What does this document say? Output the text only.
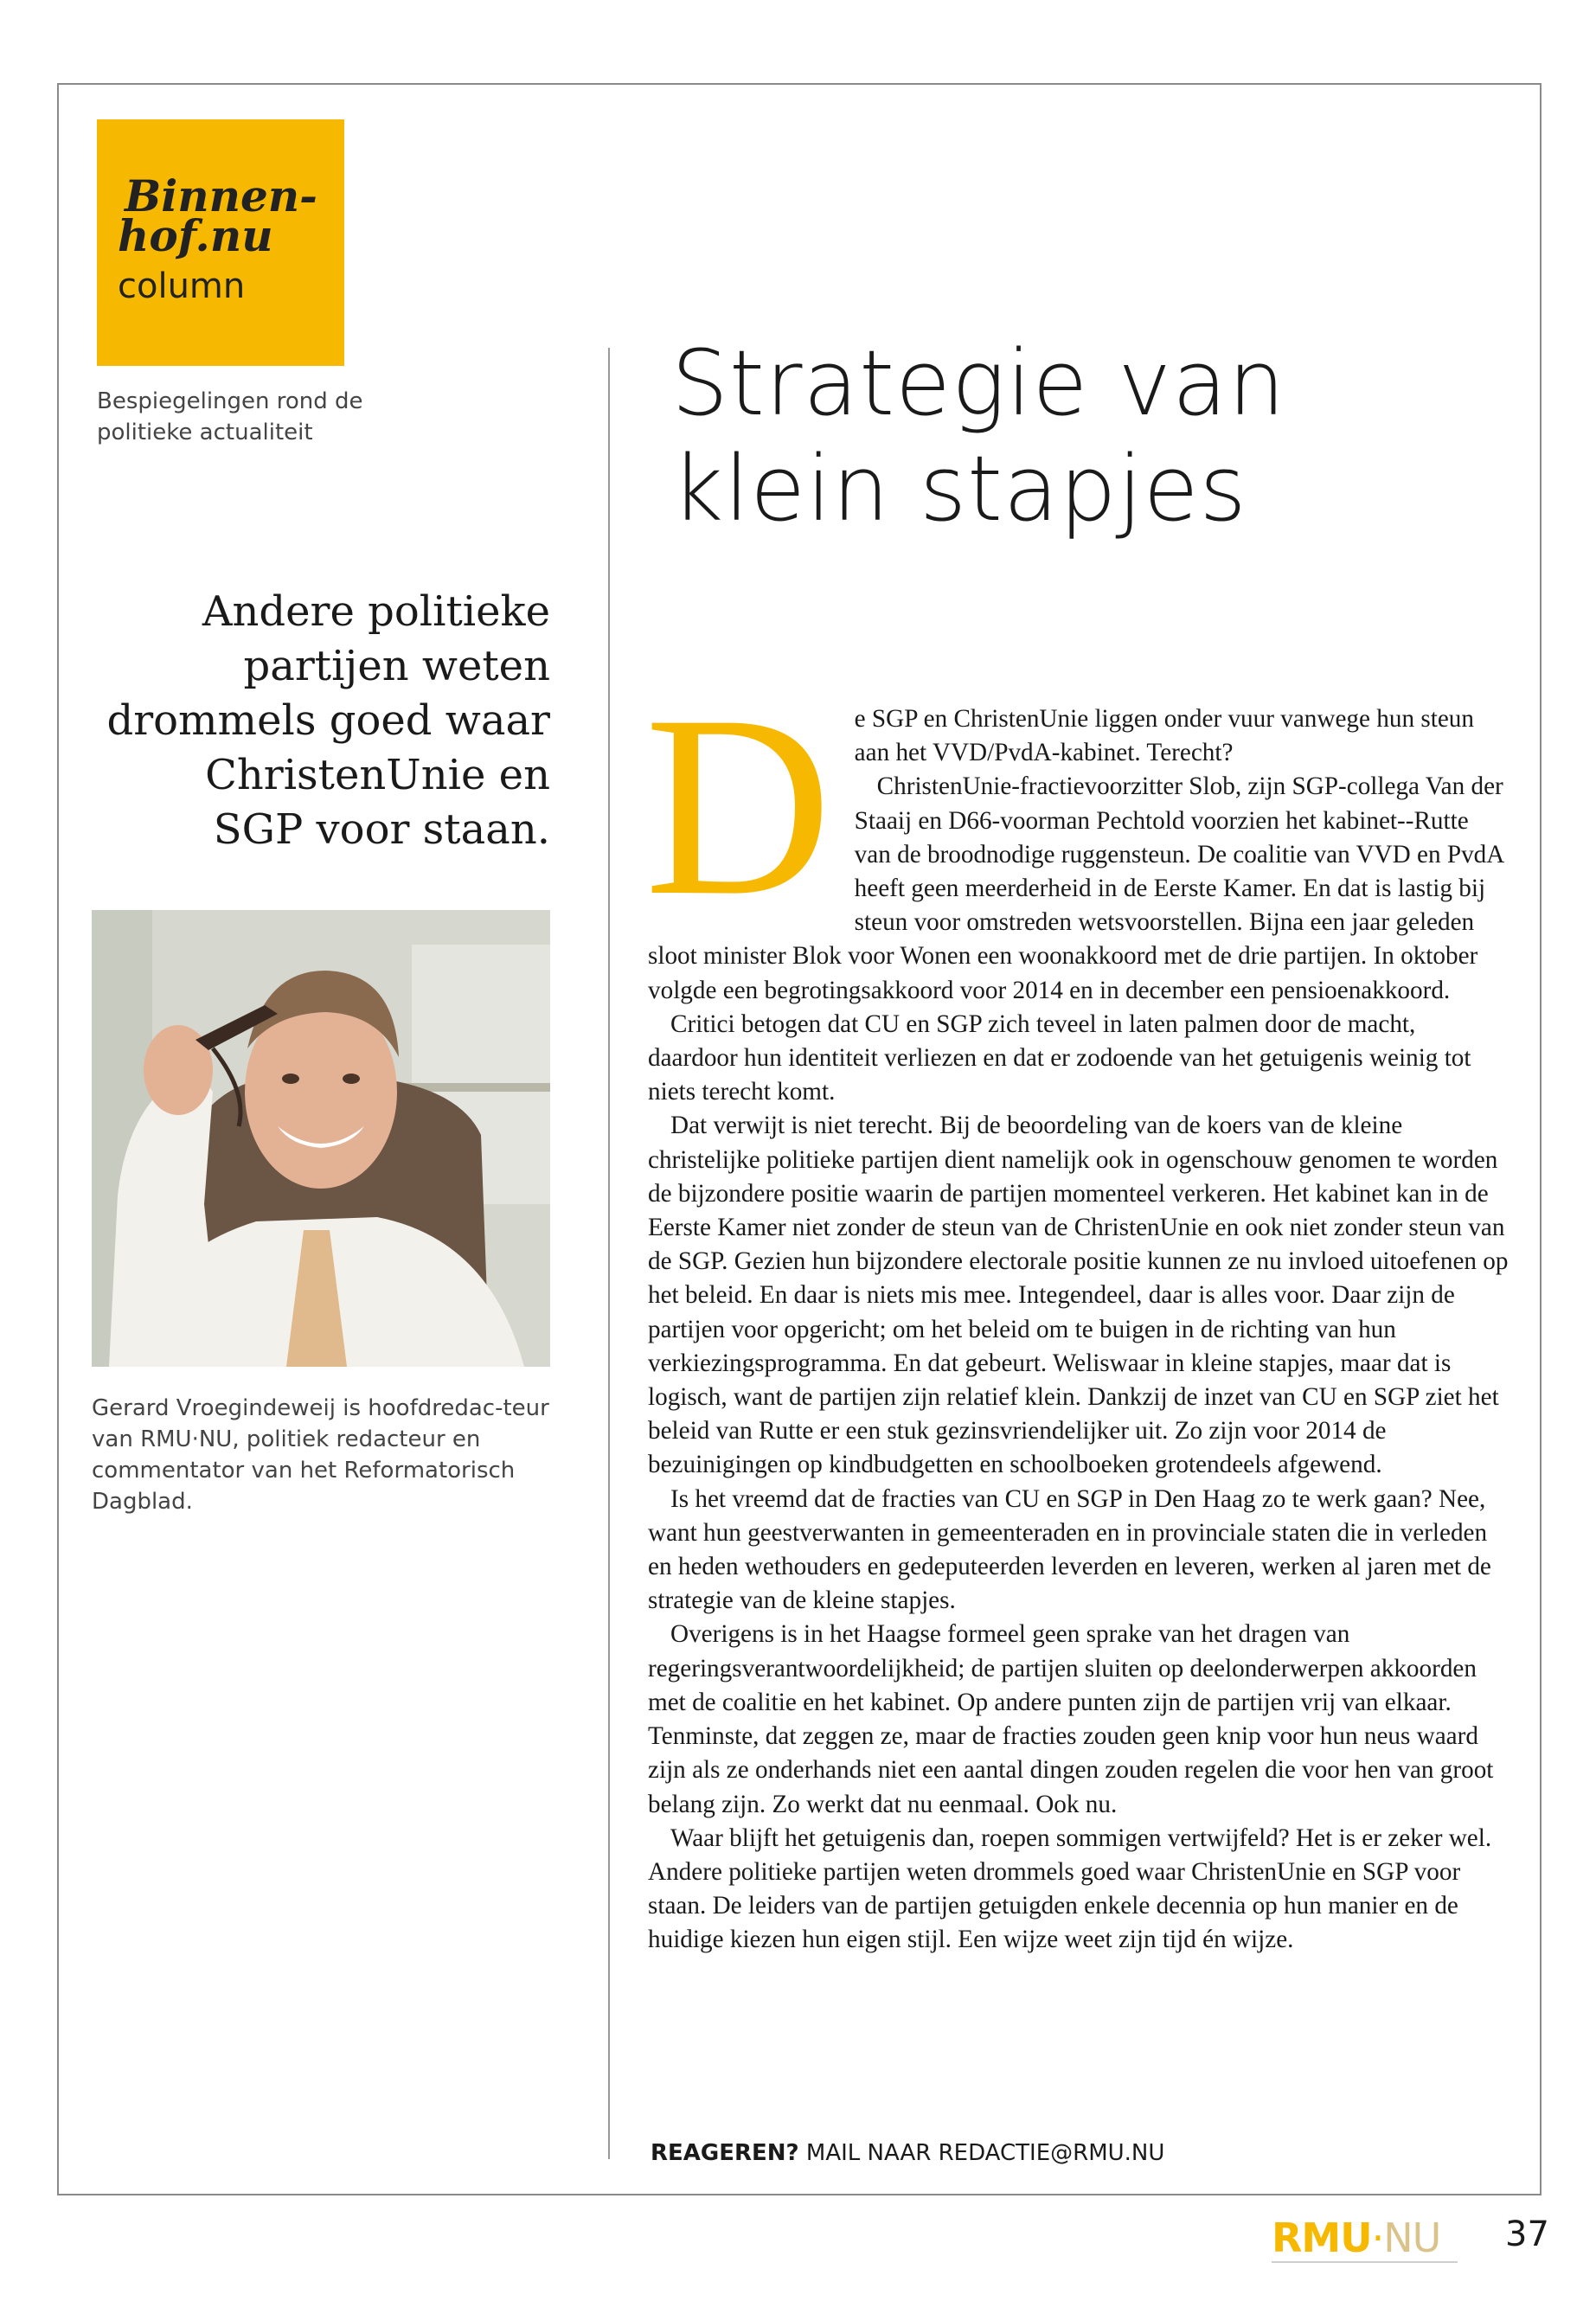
Binnen-
hof.nu
column
Bespiegelingen rond de politieke actualiteit	Strategie van klein stapjes
Andere politieke partijen weten drommels goed waar ChristenUnie en SGP voor staan.
Gerard Vroegindeweij is hoofdredac-teur van RMU·NU, politiek redacteur en commentator van het Reformatorisch Dagblad.
D e SGP en ChristenUnie liggen onder vuur vanwege hun steun aan het VVD/PvdA-kabinet. Terecht?

ChristenUnie-fractievoorzitter Slob, zijn SGP-collega Van der Staaij en D66-voorman Pechtold voorzien het kabinet--Rutte van de broodnodige ruggensteun. De coalitie van VVD en PvdA heeft geen meerderheid in de Eerste Kamer. En dat is lastig bij steun voor omstreden wetsvoorstellen. Bijna een jaar geleden sloot minister Blok voor Wonen een woonakkoord met de drie partijen. In oktober volgde een begrotingsakkoord voor 2014 en in december een pensioenakkoord.

Critici betogen dat CU en SGP zich teveel in laten palmen door de macht, daardoor hun identiteit verliezen en dat er zodoende van het getuigenis weinig tot niets terecht komt.

Dat verwijt is niet terecht. Bij de beoordeling van de koers van de kleine christelijke politieke partijen dient namelijk ook in ogenschouw genomen te worden de bijzondere positie waarin de partijen momenteel verkeren. Het kabinet kan in de Eerste Kamer niet zonder de steun van de ChristenUnie en ook niet zonder steun van de SGP. Gezien hun bijzondere electorale positie kunnen ze nu invloed uitoefenen op het beleid. En daar is niets mis mee. Integendeel, daar is alles voor. Daar zijn de partijen voor opgericht; om het beleid om te buigen in de richting van hun verkiezingsprogramma. En dat gebeurt. Weliswaar in kleine stapjes, maar dat is logisch, want de partijen zijn relatief klein. Dankzij de inzet van CU en SGP ziet het beleid van Rutte er een stuk gezinsvriendelijker uit. Zo zijn voor 2014 de bezuinigingen op kindbudgetten en schoolboeken grotendeels afgewend.

Is het vreemd dat de fracties van CU en SGP in Den Haag zo te werk gaan? Nee, want hun geestverwanten in gemeenteraden en in provinciale staten die in verleden en heden wethouders en gedeputeerden leverden en leveren, werken al jaren met de strategie van de kleine stapjes.

Overigens is in het Haagse formeel geen sprake van het dragen van regeringsverantwoordelijkheid; de partijen sluiten op deelonderwerpen akkoorden met de coalitie en het kabinet. Op andere punten zijn de partijen vrij van elkaar. Tenminste, dat zeggen ze, maar de fracties zouden geen knip voor hun neus waard zijn als ze onderhands niet een aantal dingen zouden regelen die voor hen van groot belang zijn. Zo werkt dat nu eenmaal. Ook nu.

Waar blijft het getuigenis dan, roepen sommigen vertwijfeld? Het is er zeker wel. Andere politieke partijen weten drommels goed waar ChristenUnie en SGP voor staan. De leiders van de partijen getuigden enkele decennia op hun manier en de huidige kiezen hun eigen stijl. Een wijze weet zijn tijd én wijze.

REAGEREN? MAIL NAAR REDACTIE@RMU.NU
RMU·NU	37
